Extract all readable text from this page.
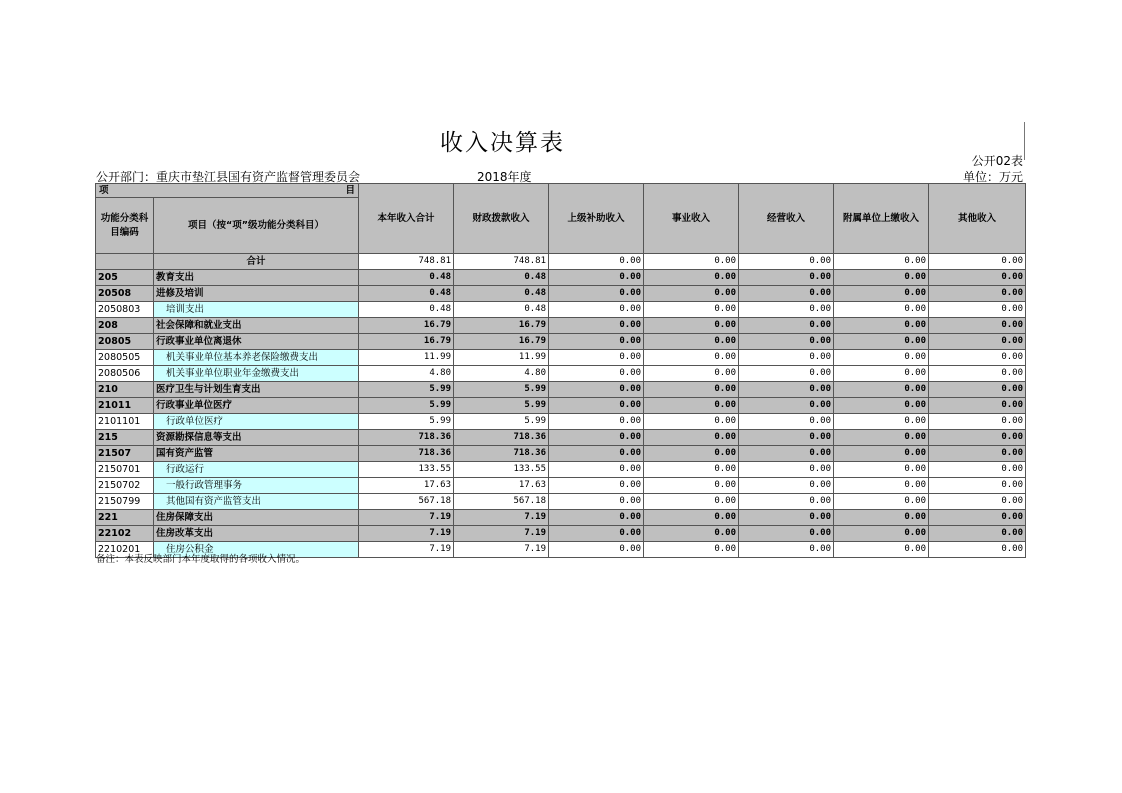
收入决算表
公开02表
公开部门：重庆市垫江县国有资产监督管理委员会	2018年度	单位：万元
项 目		本年收入合计	财政拨款收入	上级补助收入	事业收入	经营收入	附属单位上缴收入	其他收入
功能分类科目编码	项目（按“项”级功能分类科目）							
	合计	748.81	748.81	0.00	0.00	0.00	0.00	0.00
205	教育支出	0.48	0.48	0.00	0.00	0.00	0.00	0.00
20508	进修及培训	0.48	0.48	0.00	0.00	0.00	0.00	0.00
2050803	培训支出	0.48	0.48	0.00	0.00	0.00	0.00	0.00
208	社会保障和就业支出	16.79	16.79	0.00	0.00	0.00	0.00	0.00
20805	行政事业单位离退休	16.79	16.79	0.00	0.00	0.00	0.00	0.00
2080505	机关事业单位基本养老保险缴费支出	11.99	11.99	0.00	0.00	0.00	0.00	0.00
2080506	机关事业单位职业年金缴费支出	4.80	4.80	0.00	0.00	0.00	0.00	0.00
210	医疗卫生与计划生育支出	5.99	5.99	0.00	0.00	0.00	0.00	0.00
21011	行政事业单位医疗	5.99	5.99	0.00	0.00	0.00	0.00	0.00
2101101	行政单位医疗	5.99	5.99	0.00	0.00	0.00	0.00	0.00
215	资源勘探信息等支出	718.36	718.36	0.00	0.00	0.00	0.00	0.00
21507	国有资产监管	718.36	718.36	0.00	0.00	0.00	0.00	0.00
2150701	行政运行	133.55	133.55	0.00	0.00	0.00	0.00	0.00
2150702	一般行政管理事务	17.63	17.63	0.00	0.00	0.00	0.00	0.00
2150799	其他国有资产监管支出	567.18	567.18	0.00	0.00	0.00	0.00	0.00
221	住房保障支出	7.19	7.19	0.00	0.00	0.00	0.00	0.00
22102	住房改革支出	7.19	7.19	0.00	0.00	0.00	0.00	0.00
2210201	住房公积金	7.19	7.19	0.00	0.00	0.00	0.00	0.00
备注：本表反映部门本年度取得的各项收入情况。
